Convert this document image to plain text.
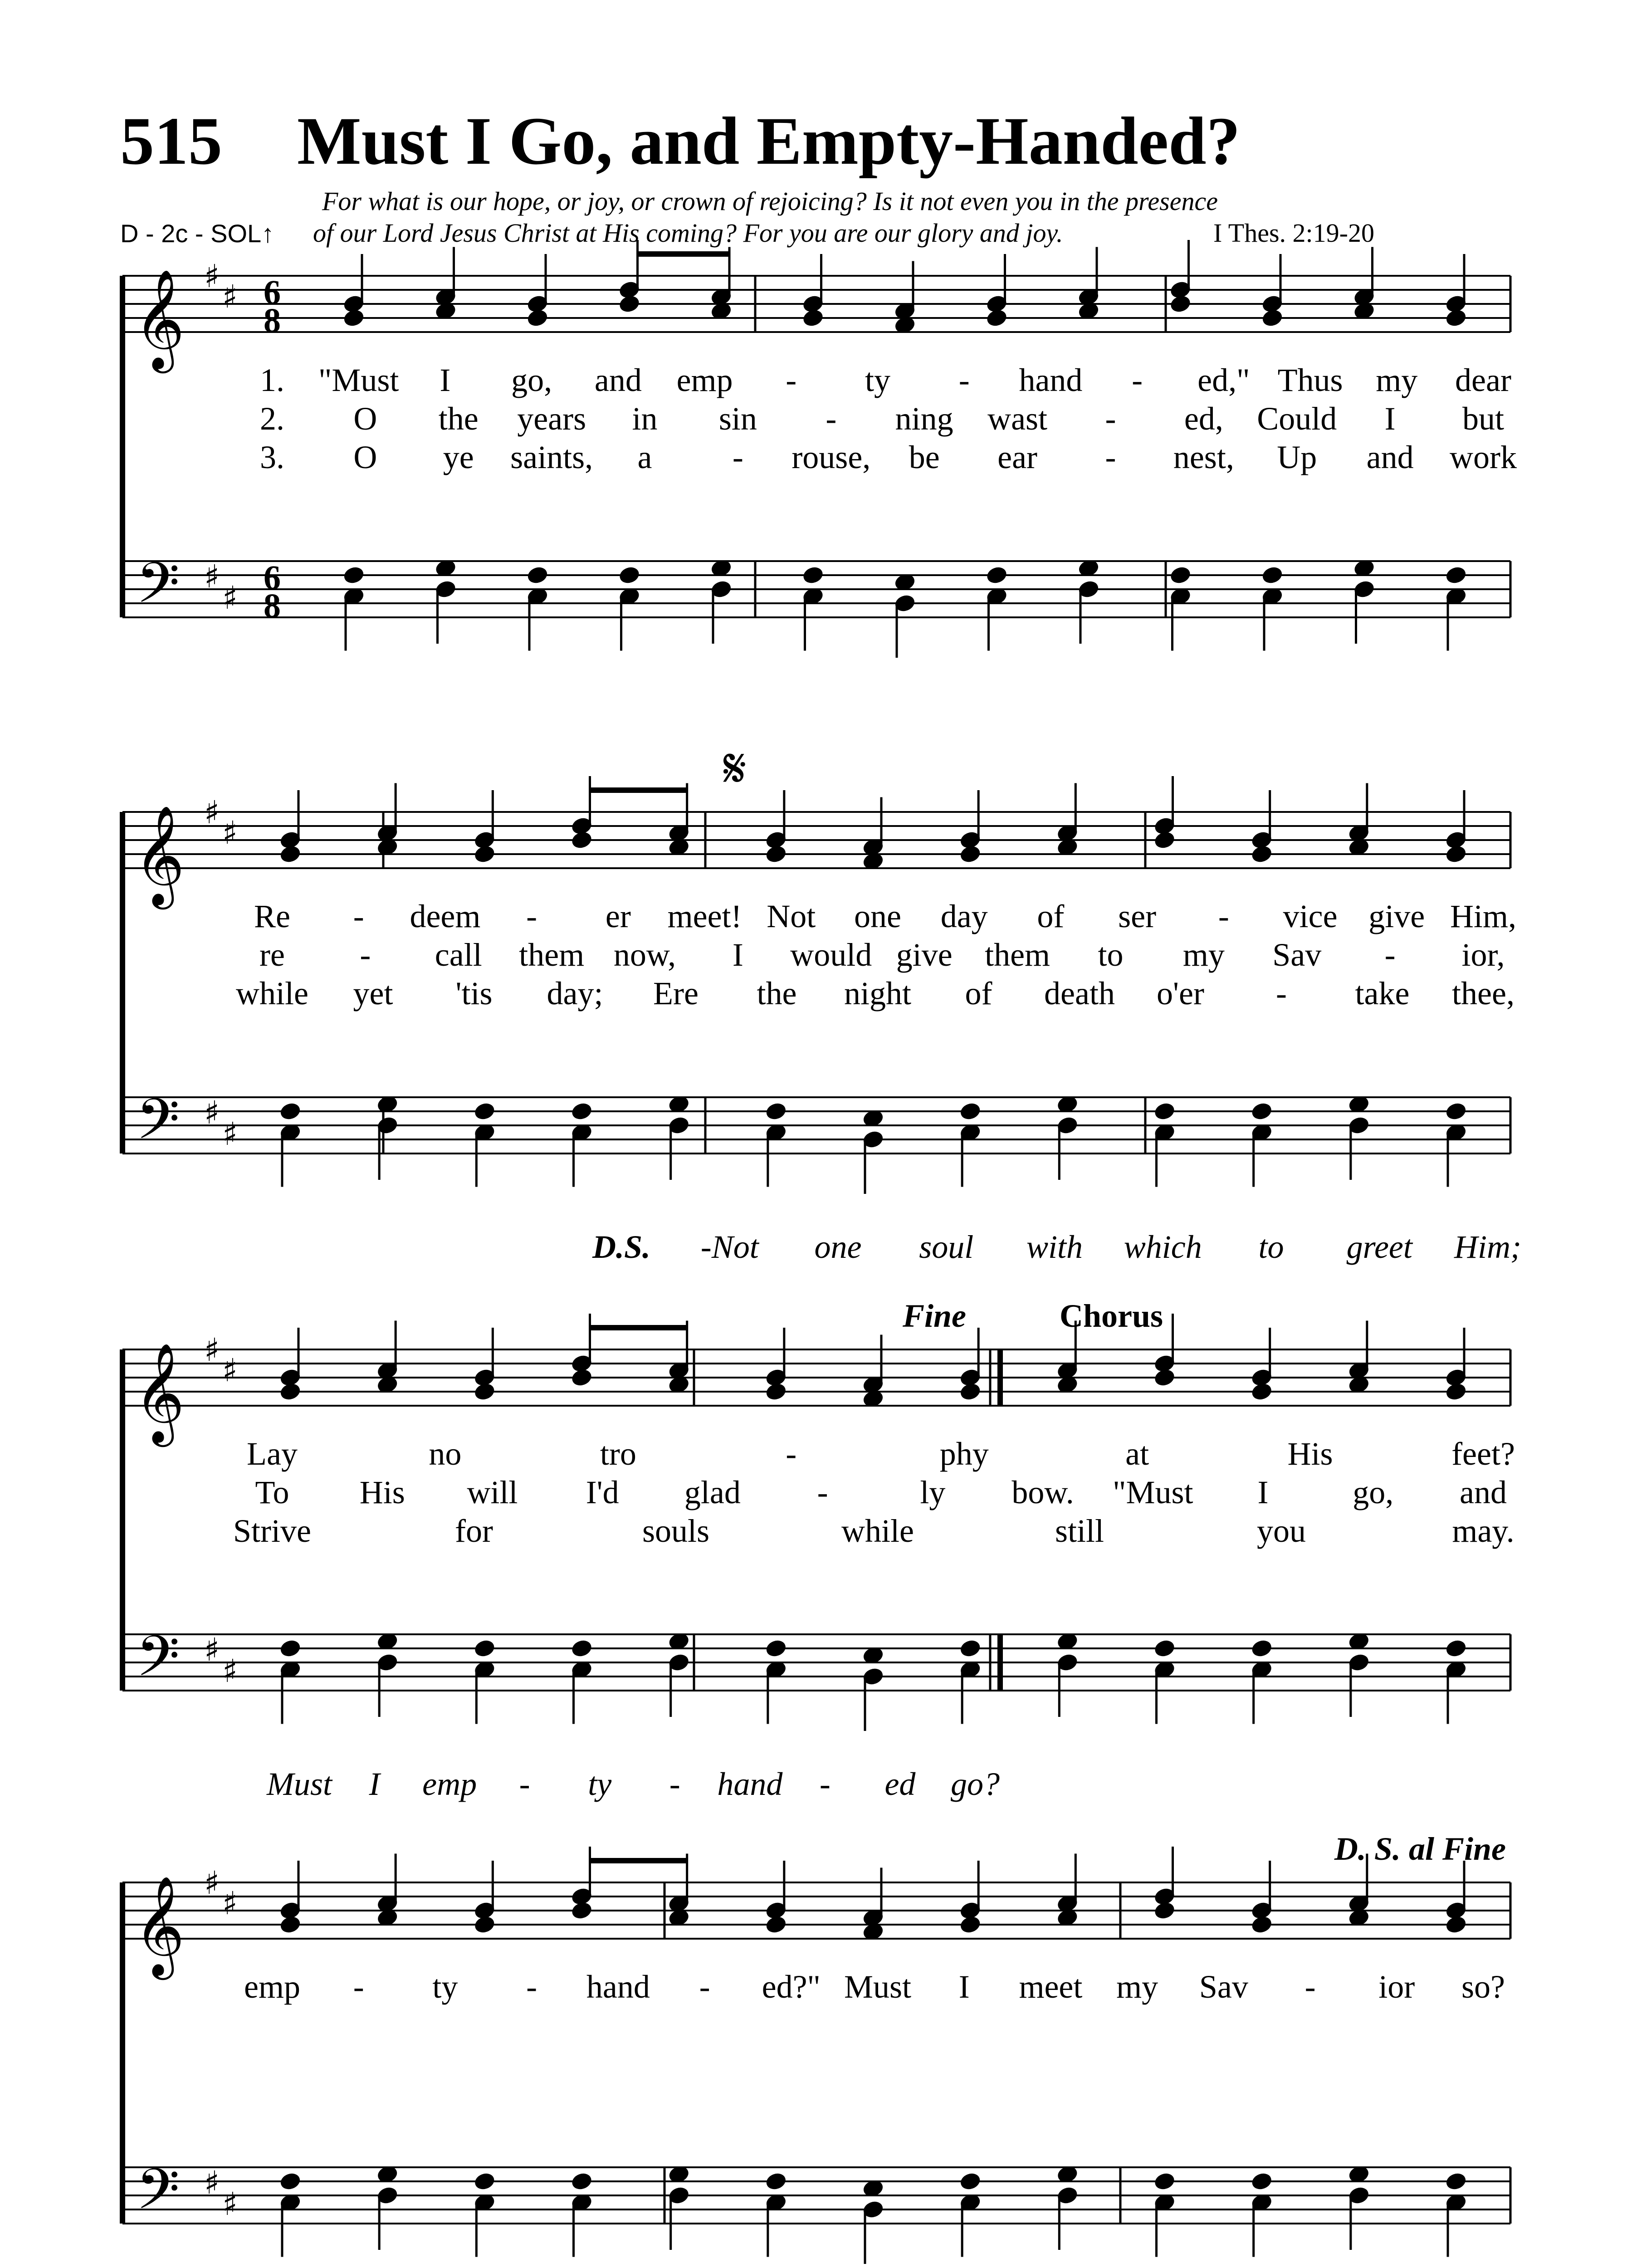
515 Must I Go, and Empty-Handed?
For what is our hope, or joy, or crown of rejoicing? Is it not even you in the presence
D - 2c - SOL↑ of our Lord Jesus Christ at His coming? For you are our glory and joy.	I Thes. 2:19-20
𝄞
𝄢
♯
♯
♯
♯
6
8
6
8
1. "Must I go, and emp - ty - hand - ed," Thus my dear
2. O the years in sin - ning wast - ed, Could I but
3. O ye saints, a - rouse, be ear - nest, Up and work
𝄞
𝄢
♯
♯
♯
♯
Re - deem - er meet! Not one day of ser - vice give Him,
re - call them now, I would give them to my Sav - ior,
while yet 'tis day; Ere the night of death o'er - take thee,
D.S. -Not one soul with which to greet Him;
𝄞
𝄢
♯
♯
♯
♯
Lay	no	tro	-	phy	at	His	feet?
To His will I'd glad -	ly bow. "Must I	go, and
Strive	for	souls	while	still	you	may.
Must I emp - ty - hand - ed go?
𝄞
𝄢
♯
♯
♯
♯
emp - ty - hand - ed?" Must I meet my Sav - ior so?
𝄋
Fine	Chorus
D. S. al Fine
